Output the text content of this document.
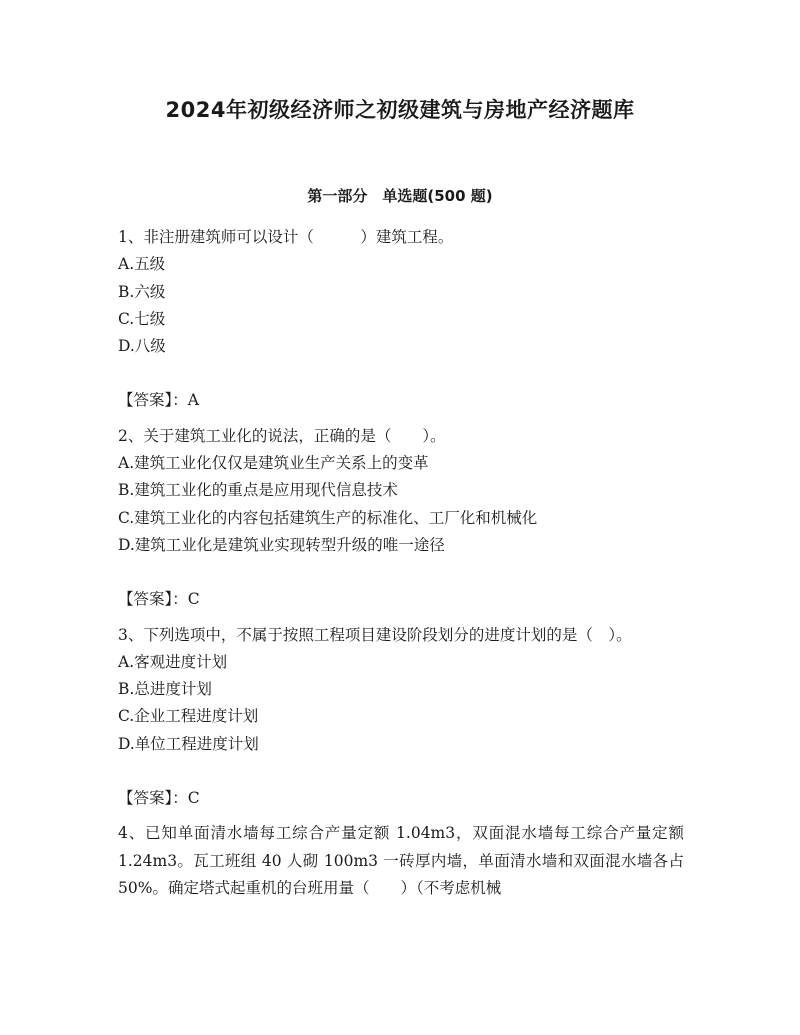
2024年初级经济师之初级建筑与房地产经济题库
第一部分　单选题(500 题)

1、非注册建筑师可以设计（　　　）建筑工程。

A.五级

B.六级

C.七级

D.八级

【答案】：A

2、关于建筑工业化的说法，正确的是（　　）。

A.建筑工业化仅仅是建筑业生产关系上的变革

B.建筑工业化的重点是应用现代信息技术

C.建筑工业化的内容包括建筑生产的标准化、工厂化和机械化

D.建筑工业化是建筑业实现转型升级的唯一途径

【答案】：C

3、下列选项中，不属于按照工程项目建设阶段划分的进度计划的是（　）。

A.客观进度计划

B.总进度计划

C.企业工程进度计划

D.单位工程进度计划

【答案】：C

4、已知单面清水墙每工综合产量定额 1.04m3，双面混水墙每工综合产量定额 1.24m3。瓦工班组 40 人砌 100m3 一砖厚内墙，单面清水墙和双面混水墙各占 50%。确定塔式起重机的台班用量（　　）（不考虑机械
